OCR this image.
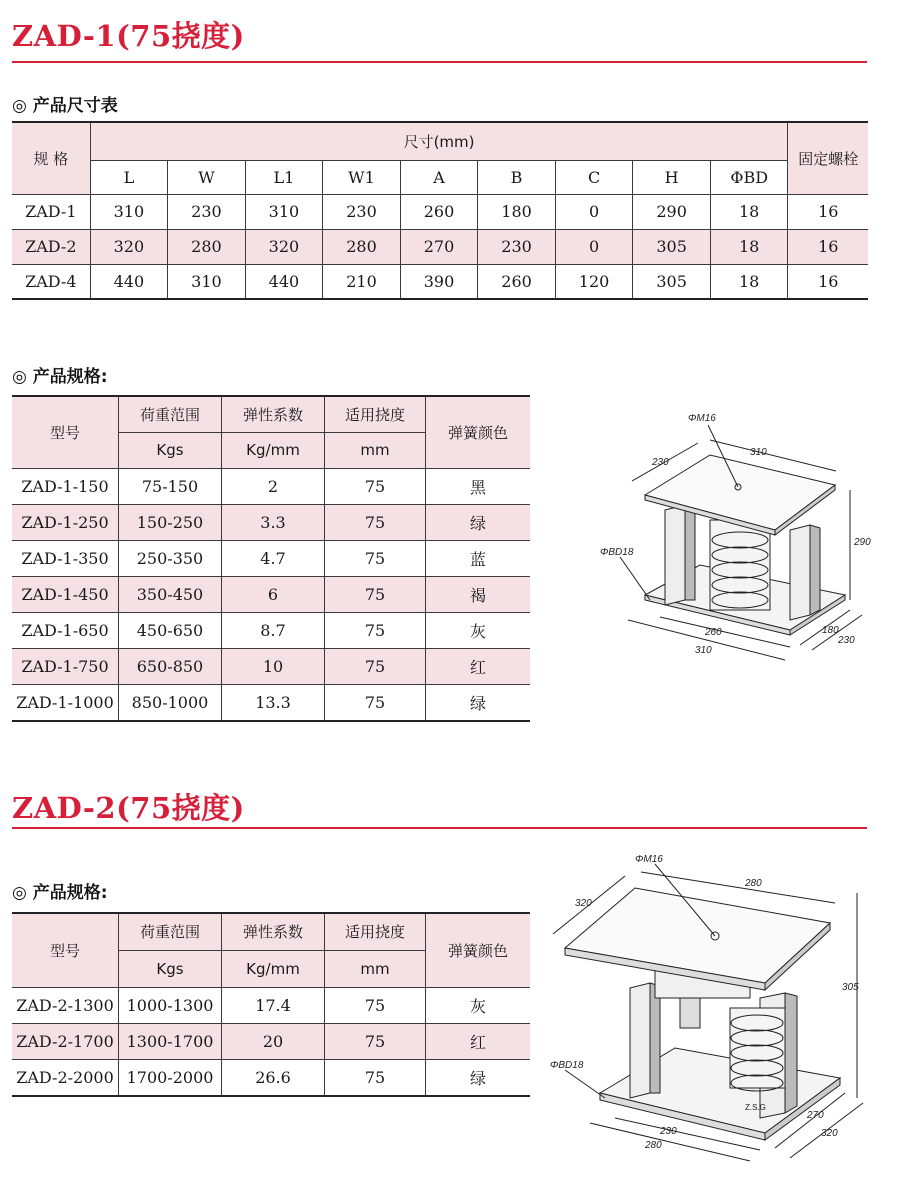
ZAD-1(75挠度)
◎ 产品尺寸表
规 格	尺寸(mm)									固定螺栓
	L	W	L1	W1	A	B	C	H	ΦBD	
ZAD-1	310	230	310	230	260	180	0	290	18	16
ZAD-2	320	280	320	280	270	230	0	305	18	16
ZAD-4	440	310	440	210	390	260	120	305	18	16
◎ 产品规格:
型号	荷重范围	弹性系数	适用挠度	弹簧颜色
	Kgs	Kg/mm	mm	
ZAD-1-150	75-150	2	75	黑
ZAD-1-250	150-250	3.3	75	绿
ZAD-1-350	250-350	4.7	75	蓝
ZAD-1-450	350-450	6	75	褐
ZAD-1-650	450-650	8.7	75	灰
ZAD-1-750	650-850	10	75	红
ZAD-1-1000	850-1000	13.3	75	绿
ΦM16
ΦBD18
230
310
290
260
310
180
230
ZAD-2(75挠度)
◎ 产品规格:
型号	荷重范围	弹性系数	适用挠度	弹簧颜色
	Kgs	Kg/mm	mm	
ZAD-2-1300	1000-1300	17.4	75	灰
ZAD-2-1700	1300-1700	20	75	红
ZAD-2-2000	1700-2000	26.6	75	绿
ΦM16
ΦBD18
320
280
305
230
280
270
320
Z.S.G
